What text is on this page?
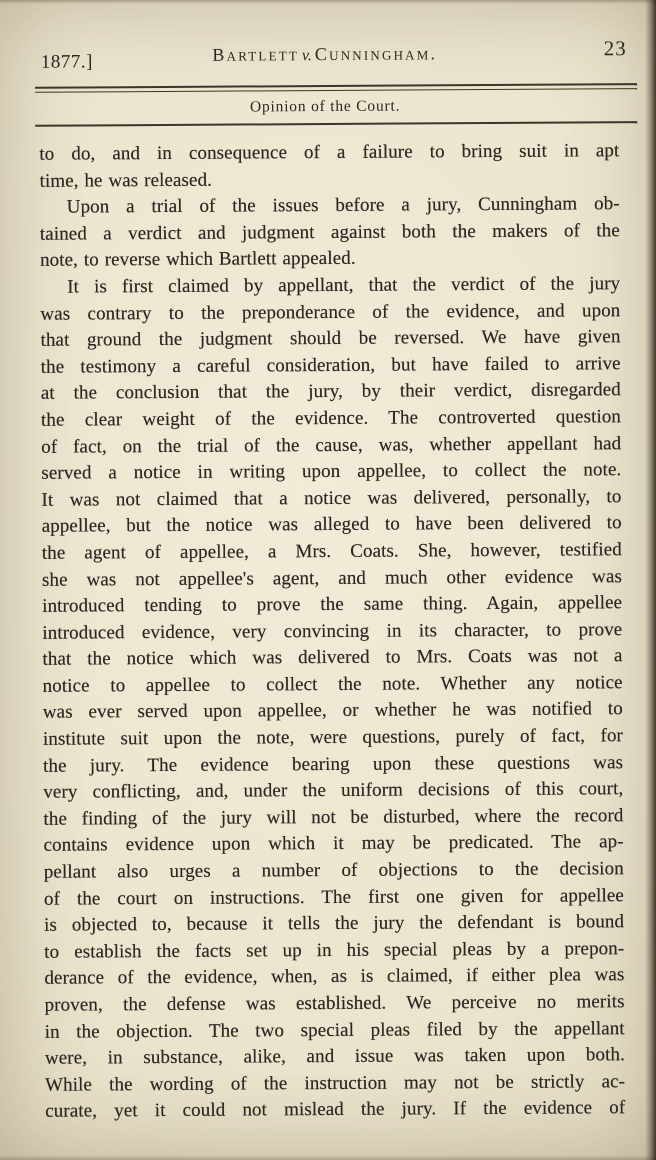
1877.]	Bartlett v. Cunningham.	23
Opinion of the Court.
to do, and in consequence of a failure to bring suit in apt
time, he was released.
Upon a trial of the issues before a jury, Cunningham ob-
tained a verdict and judgment against both the makers of the
note, to reverse which Bartlett appealed.
It is first claimed by appellant, that the verdict of the jury
was contrary to the preponderance of the evidence, and upon
that ground the judgment should be reversed. We have given
the testimony a careful consideration, but have failed to arrive
at the conclusion that the jury, by their verdict, disregarded
the clear weight of the evidence. The controverted question
of fact, on the trial of the cause, was, whether appellant had
served a notice in writing upon appellee, to collect the note.
It was not claimed that a notice was delivered, personally, to
appellee, but the notice was alleged to have been delivered to
the agent of appellee, a Mrs. Coats. She, however, testified
she was not appellee's agent, and much other evidence was
introduced tending to prove the same thing. Again, appellee
introduced evidence, very convincing in its character, to prove
that the notice which was delivered to Mrs. Coats was not a
notice to appellee to collect the note. Whether any notice
was ever served upon appellee, or whether he was notified to
institute suit upon the note, were questions, purely of fact, for
the jury. The evidence bearing upon these questions was
very conflicting, and, under the uniform decisions of this court,
the finding of the jury will not be disturbed, where the record
contains evidence upon which it may be predicated. The ap-
pellant also urges a number of objections to the decision
of the court on instructions. The first one given for appellee
is objected to, because it tells the jury the defendant is bound
to establish the facts set up in his special pleas by a prepon-
derance of the evidence, when, as is claimed, if either plea was
proven, the defense was established. We perceive no merits
in the objection. The two special pleas filed by the appellant
were, in substance, alike, and issue was taken upon both.
While the wording of the instruction may not be strictly ac-
curate, yet it could not mislead the jury. If the evidence of
